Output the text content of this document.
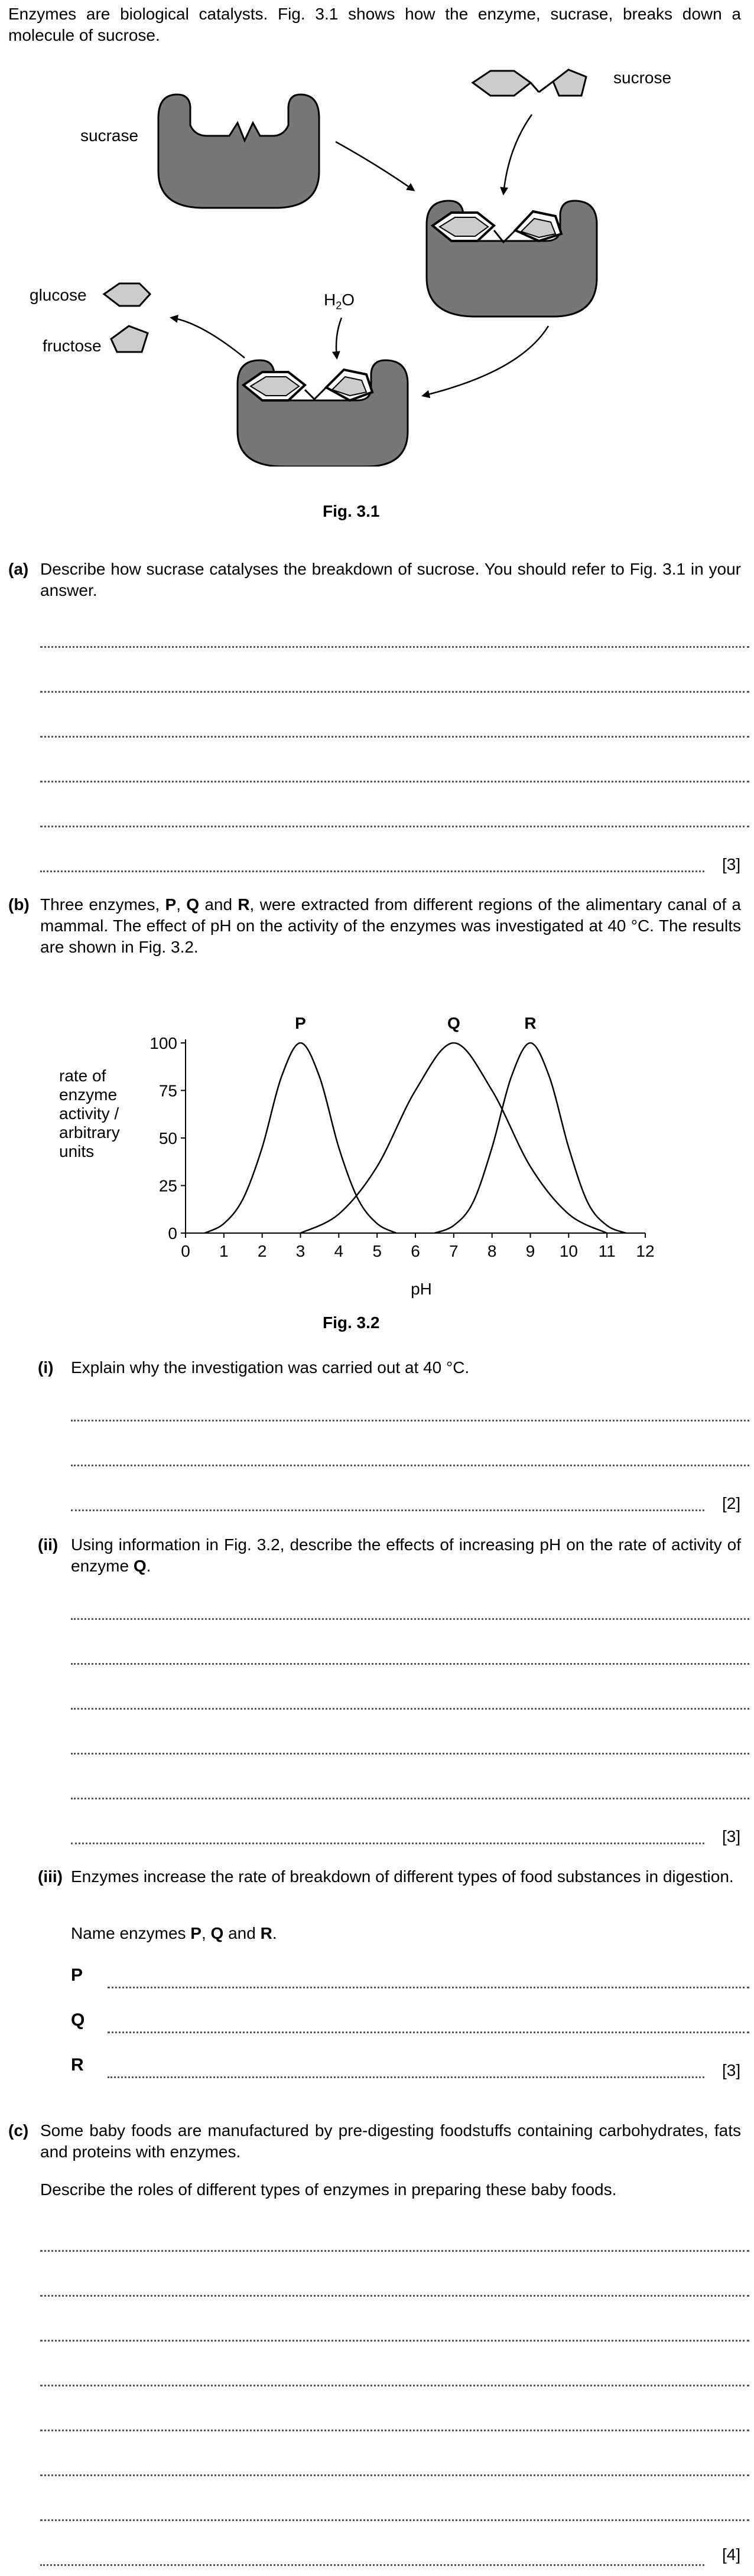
Enzymes are biological catalysts. Fig. 3.1 shows how the enzyme, sucrase, breaks down a molecule of sucrose.
sucrase
sucrose
glucose
fructose
$H_2O$
Fig. 3.1
(a) Describe how sucrase catalyses the breakdown of sucrose. You should refer to Fig. 3.1 in your answer.
[3]
(b) Three enzymes, P, Q and R, were extracted from different regions of the alimentary canal of a mammal. The effect of pH on the activity of the enzymes was investigated at 40 °C. The results are shown in Fig. 3.2.
rate of
enzyme
activity /
arbitrary
units
0 1 2 3 4 5 6 7 8 9 10 11 12
0
25
50
75
100
pH
P	Q	R
Fig. 3.2
(i) Explain why the investigation was carried out at 40 °C.
[2]
(ii) Using information in Fig. 3.2, describe the effects of increasing pH on the rate of activity of enzyme Q.
[3]
(iii) Enzymes increase the rate of breakdown of different types of food substances in digestion.
Name enzymes P, Q and R.
P
Q
R	[3]
(c) Some baby foods are manufactured by pre-digesting foodstuffs containing carbohydrates, fats and proteins with enzymes.
Describe the roles of different types of enzymes in preparing these baby foods.
[4]
